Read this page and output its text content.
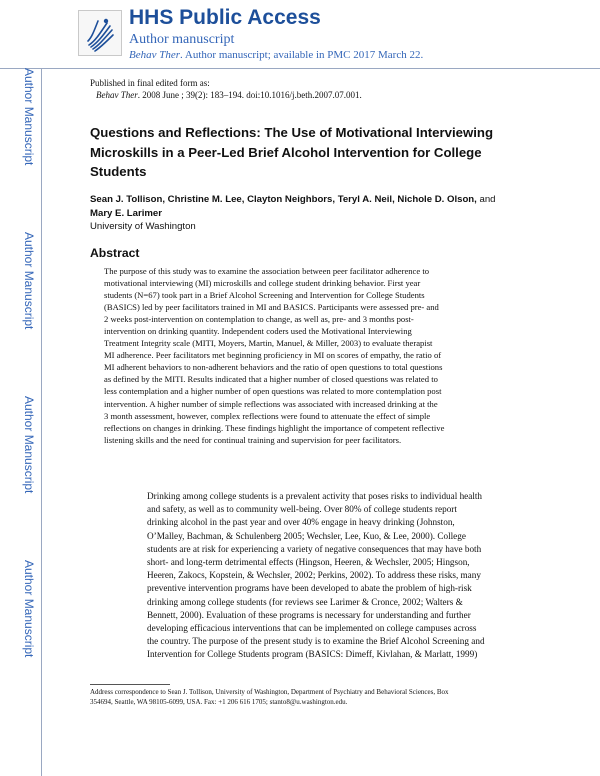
HHS Public Access
Author manuscript
Behav Ther. Author manuscript; available in PMC 2017 March 22.
Author Manuscript
Author Manuscript
Author Manuscript
Author Manuscript
Published in final edited form as:
Behav Ther. 2008 June ; 39(2): 183–194. doi:10.1016/j.beth.2007.07.001.
Questions and Reflections: The Use of Motivational Interviewing
Microskills in a Peer-Led Brief Alcohol Intervention for College
Students
Sean J. Tollison, Christine M. Lee, Clayton Neighbors, Teryl A. Neil, Nichole D. Olson, and
Mary E. Larimer
University of Washington
Abstract
The purpose of this study was to examine the association between peer facilitator adherence to
motivational interviewing (MI) microskills and college student drinking behavior. First year
students (N=67) took part in a Brief Alcohol Screening and Intervention for College Students
(BASICS) led by peer facilitators trained in MI and BASICS. Participants were assessed pre- and
2 weeks post-intervention on contemplation to change, as well as, pre- and 3 months post-
intervention on drinking quantity. Independent coders used the Motivational Interviewing
Treatment Integrity scale (MITI, Moyers, Martin, Manuel, & Miller, 2003) to evaluate therapist
MI adherence. Peer facilitators met beginning proficiency in MI on scores of empathy, the ratio of
MI adherent behaviors to non-adherent behaviors and the ratio of open questions to total questions
as defined by the MITI. Results indicated that a higher number of closed questions was related to
less contemplation and a higher number of open questions was related to more contemplation post
intervention. A higher number of simple reflections was associated with increased drinking at the
3 month assessment, however, complex reflections were found to attenuate the effect of simple
reflections on changes in drinking. These findings highlight the importance of competent reflective
listening skills and the need for continual training and supervision for peer facilitators.
Drinking among college students is a prevalent activity that poses risks to individual health
and safety, as well as to community well-being. Over 80% of college students report
drinking alcohol in the past year and over 40% engage in heavy drinking (Johnston,
O’Malley, Bachman, & Schulenberg 2005; Wechsler, Lee, Kuo, & Lee, 2000). College
students are at risk for experiencing a variety of negative consequences that may have both
short- and long-term detrimental effects (Hingson, Heeren, & Wechsler, 2005; Hingson,
Heeren, Zakocs, Kopstein, & Wechsler, 2002; Perkins, 2002). To address these risks, many
preventive intervention programs have been developed to abate the problem of high-risk
drinking among college students (for reviews see Larimer & Cronce, 2002; Walters &
Bennett, 2000). Evaluation of these programs is necessary for understanding and further
developing efficacious interventions that can be implemented on college campuses across
the country. The purpose of the present study is to examine the Brief Alcohol Screening and
Intervention for College Students program (BASICS: Dimeff, Kivlahan, & Marlatt, 1999)
Address correspondence to Sean J. Tollison, University of Washington, Department of Psychiatry and Behavioral Sciences, Box
354694, Seattle, WA 98105-6099, USA. Fax: +1 206 616 1705; stanto8@u.washington.edu.
